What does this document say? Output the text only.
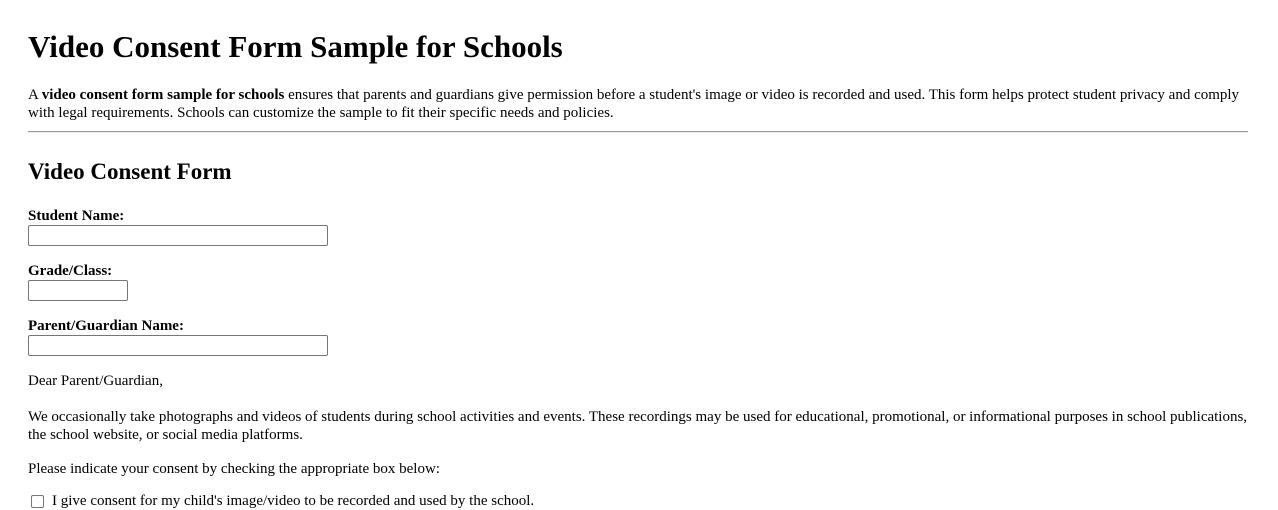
Video Consent Form Sample for Schools

A video consent form sample for schools ensures that parents and guardians give permission before a student's image or video is recorded and used. This form helps protect student privacy and comply with legal requirements. Schools can customize the sample to fit their specific needs and policies.

Video Consent Form
Student Name:
Grade/Class:
Parent/Guardian Name:

Dear Parent/Guardian,

We occasionally take photographs and videos of students during school activities and events. These recordings may be used for educational, promotional, or informational purposes in school publications, the school website, or social media platforms.

Please indicate your consent by checking the appropriate box below:

I give consent for my child's image/video to be recorded and used by the school.
